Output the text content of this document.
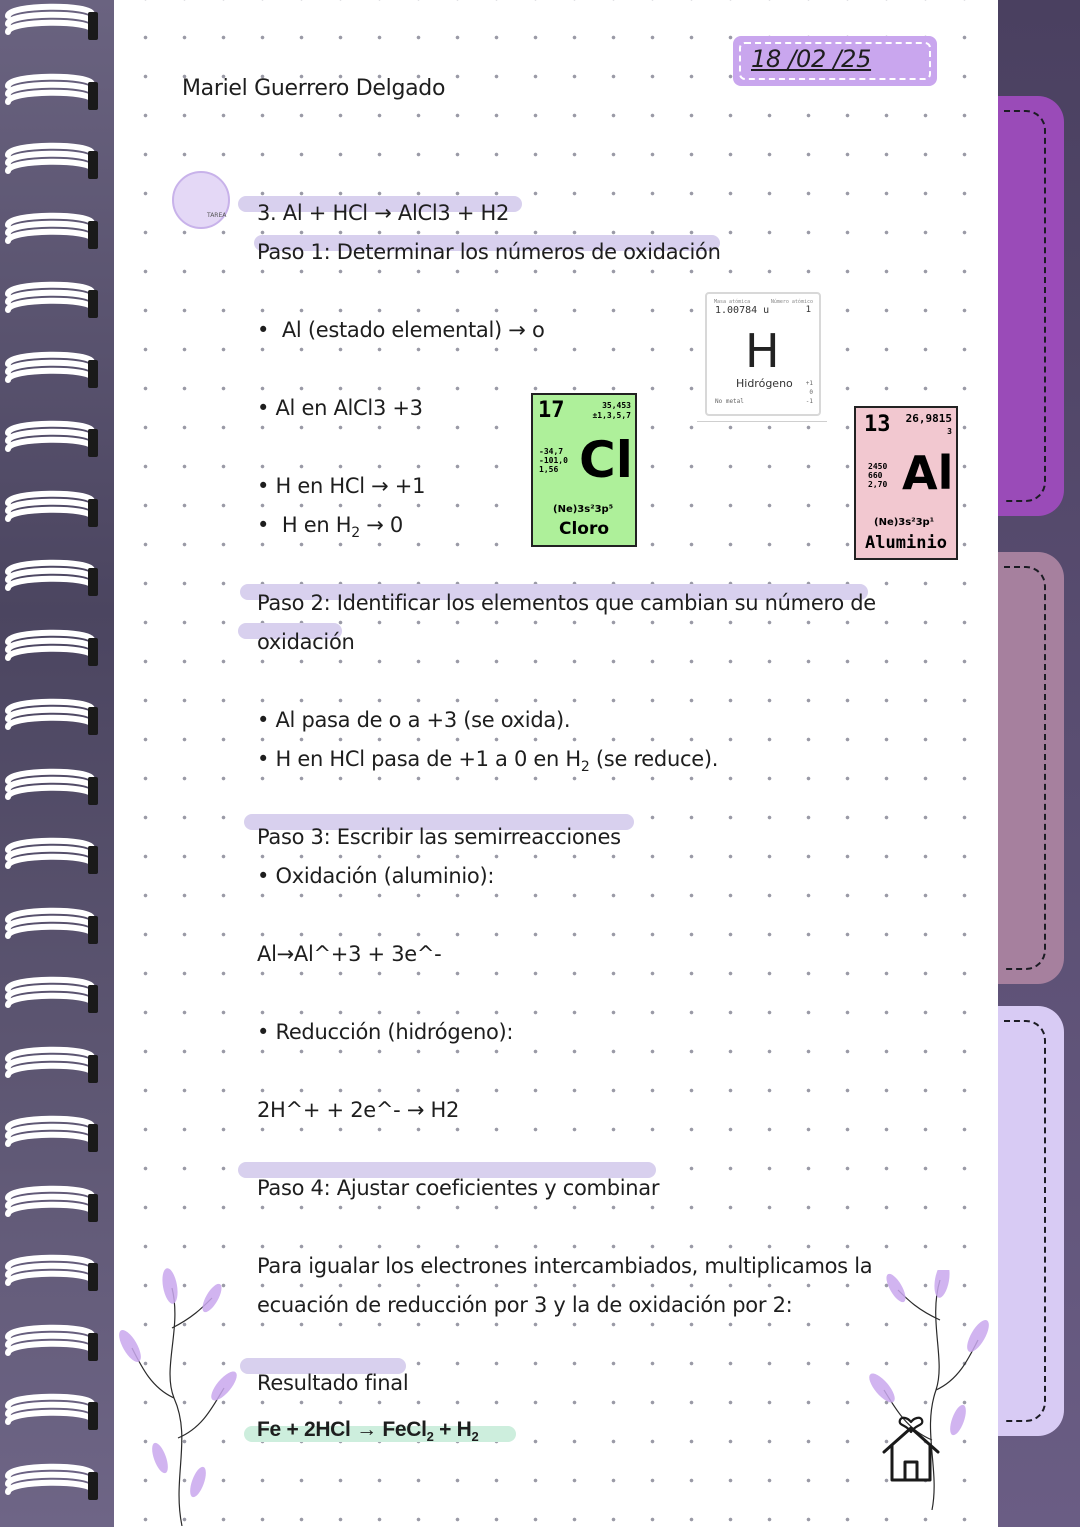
Mariel Guerrero Delgado
18 /02 /25
TAREA 3. Al + HCl → AlCl3 + H2
Paso 1: Determinar los números de oxidación
•  Al (estado elemental) → o
• Al en AlCl3 +3
• H en HCl → +1
•  H en $H_2 \to 0$
Paso 2: Identificar los elementos que cambian su número de
oxidación
• Al pasa de o a +3 (se oxida).
• H en HCl pasa de +1 a 0 en $H_2$ (se reduce).
Paso 3: Escribir las semirreacciones
• Oxidación (aluminio):
Al→Al^+3 + 3e^-
• Reducción (hidrógeno):
2H^+ + 2e^- → H2
Paso 4: Ajustar coeficientes y combinar
Para igualar los electrones intercambiados, multiplicamos la
ecuación de reducción por 3 y la de oxidación por 2:
Resultado final
Fe + 2HCl → FeCl$_2$ + $H_2$
Masa atómica	Número atómico
1.00784 u	1
H
Hidrógeno
No metal
+1
0
-1
17	35,453
±1,3,5,7
-34,7
-101,0
1,56 Cl
(Ne)3s²3p⁵
Cloro
13 26,9815
3
2450
660
2,70 Al
(Ne)3s²3p¹
Aluminio
